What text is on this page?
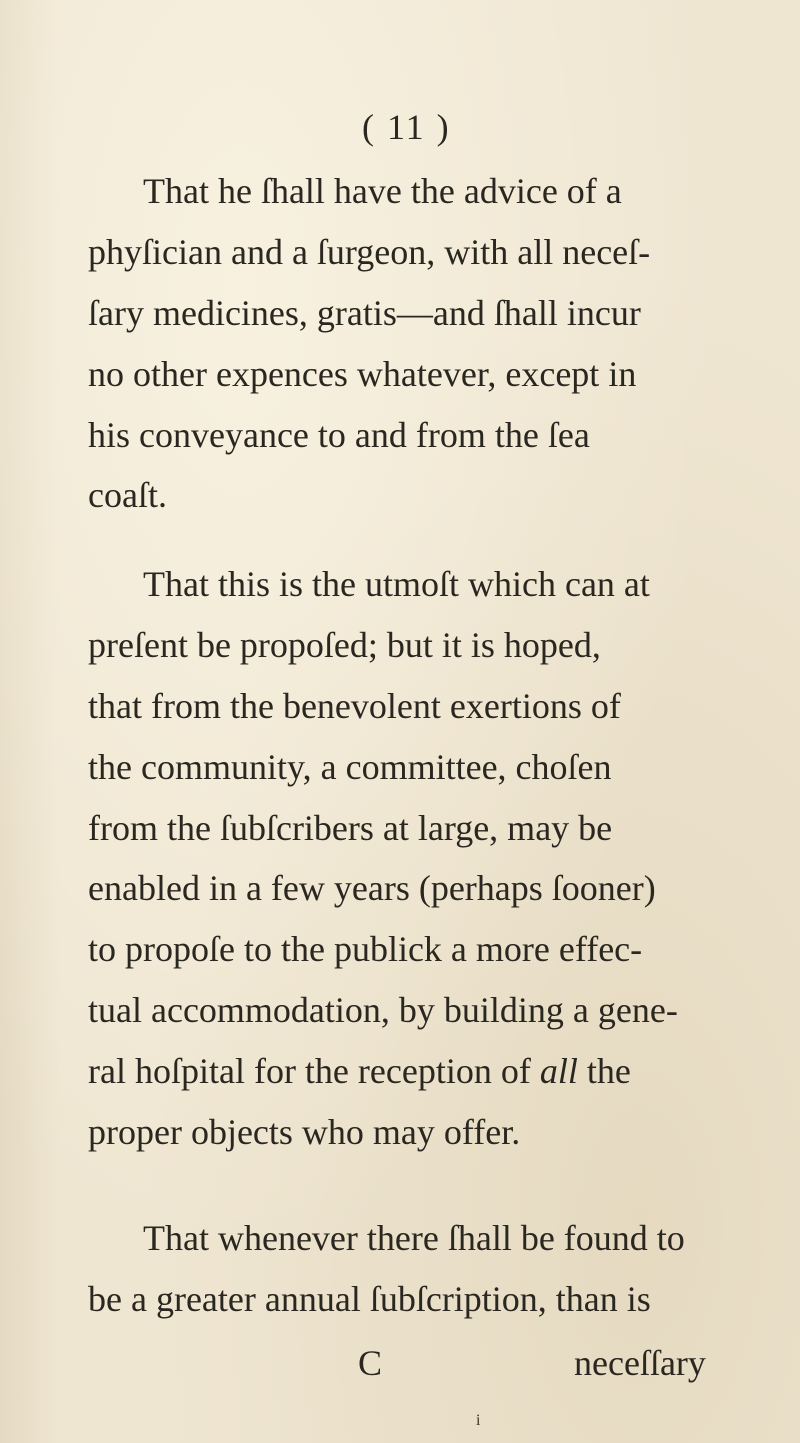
( 11 )
That he ſhall have the advice of a
phyſician and a ſurgeon, with all neceſ-
ſary medicines, gratis—and ſhall incur
no other expences whatever, except in
his conveyance to and from the ſea
coaſt.
That this is the utmoſt which can at
preſent be propoſed; but it is hoped,
that from the benevolent exertions of
the community, a committee, choſen
from the ſubſcribers at large, may be
enabled in a few years (perhaps ſooner)
to propoſe to the publick a more effec-
tual accommodation, by building a gene-
ral hoſpital for the reception of all the
proper objects who may offer.
That whenever there ſhall be found to
be a greater annual ſubſcription, than is
C	neceſſary
i
